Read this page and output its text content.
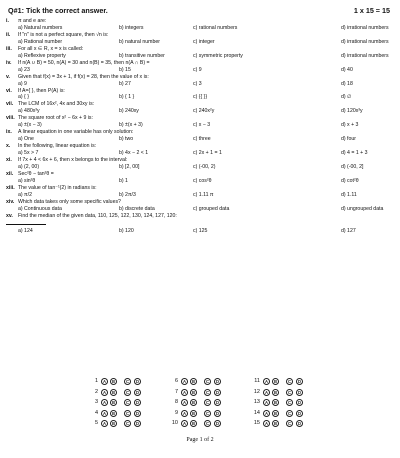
Q#1: Tick the correct answer.	1 x 15 = 15
i. π and e are:
a) Natural numbers	b) integers	c) rational numbers	d) irrational numbers
ii. If "n" is not a perfect square, then √n is:
a) Rational number	b) natural number	c) integer	d) irrational numbers
iii. For all x ∈ R, x = x is called:
a) Reflexive property	b) transitive number	c) symmetric property	d) irrational numbers
iv. If n(A ∪ B) = 50, n(A) = 30 and n(B) = 35, then n(A ∩ B) =
a) 23	b) 15	c) 9	d) 40
v. Given that f(x) = 3x + 1, if f(x) = 28, then the value of x is:
a) 9	b) 27	c) 3	d) 18
vi. If A={ }, then P(A) is:
a) { }	b) { 1 }	c) {{ }}	d) ∅
vii. The LCM of 16x², 4x and 30xy is:
a) 480x³y	b) 240xy	c) 240x²y	d) 120x³y
viii. The square root of x² − 6x + 9 is:
a) ±(x − 3)	b) ±(x + 3)	c) x − 3	d) x + 3
ix. A linear equation in one variable has only solution:
a) One	b) two	c) three	d) four
x. In the following, linear equation is:
a) 5x > 7	b) 4x − 2 < 1	c) 2x + 1 = 1	d) 4 = 1 + 3
xi. If 7x + 4 < 6x + 6, then x belongs to the interval:
a) (2, 00)	b) [2, 00]	c) (-00, 2)	d) (-00, 2]
xii. Sec²θ − tan²θ =
a) sin²θ	b) 1	c) cos²θ	d) cot²θ
xiii. The value of tan⁻¹(2) in radians is:
a) π/2	b) 2π/3	c) 1.11 π	d) 1.11
xiv. Which data takes only some specific values?
a) Continuous data	b) discrete data	c) grouped data	d) ungrouped data
xv. Find the median of the given data, 110, 125, 122, 130, 124, 127, 120:
a) 124	b) 120	c) 125	d) 127
1	A	B	C	D
2	A	B	C	D
3	A	B	C	D
4	A	B	C	D
5	A	B	C	D
6	A	B	C	D
7	A	B	C	D
8	A	B	C	D
9	A	B	C	D
10	A	B	C	D
11	A	B	C	D
12	A	B	C	D
13	A	B	C	D
14	A	B	C	D
15	A	B	C	D
Page 1 of 2
